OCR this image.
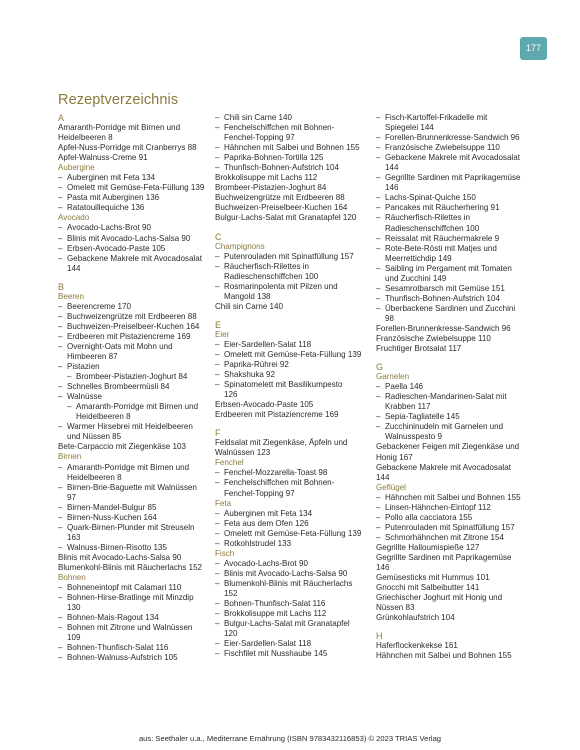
177
Rezeptverzeichnis
A
Amaranth-Porridge mit Birnen und
Heidelbeeren 8
Apfel-Nuss-Porridge mit Cranberrys 88
Apfel-Walnuss-Creme 91
Aubergine
– Auberginen mit Feta 134
– Omelett mit Gemüse-Feta-Füllung 139
– Pasta mit Auberginen 136
– Ratatouillequiche 136
Avocado
– Avocado-Lachs-Brot 90
– Blinis mit Avocado-Lachs-Salsa 90
– Erbsen-Avocado-Paste 105
– Gebackene Makrele mit Avocadosalat
144
B
Beeren
– Beerencreme 170
– Buchweizengrütze mit Erdbeeren 88
– Buchweizen-Preiselbeer-Kuchen 164
– Erdbeeren mit Pistaziencreme 169
– Overnight-Oats mit Mohn und
Himbeeren 87
– Pistazien
– Brombeer-Pistazien-Joghurt 84
– Schnelles Brombeermüsli 84
– Walnüsse
– Amaranth-Porridge mit Birnen und
Heidelbeeren 8
– Warmer Hirsebrei mit Heidelbeeren
und Nüssen 85
Bete-Carpaccio mit Ziegenkäse 103
Birnen
– Amaranth-Porridge mit Birnen und
Heidelbeeren 8
– Birnen-Brie-Baguette mit Walnüssen
97
– Birnen-Mandel-Bulgur 85
– Birnen-Nuss-Kuchen 164
– Quark-Birnen-Plunder mit Streuseln
163
– Walnuss-Birnen-Risotto 135
Blinis mit Avocado-Lachs-Salsa 90
Blumenkohl-Blinis mit Räucherlachs 152
Bohnen
– Bohneneintopf mit Calamari 110
– Bohnen-Hirse-Bratlinge mit Minzdip
130
– Bohnen-Mais-Ragout 134
– Bohnen mit Zitrone und Walnüssen
109
– Bohnen-Thunfisch-Salat 116
– Bohnen-Walnuss-Aufstrich 105
– Chili sin Carne 140
– Fenchelschiffchen mit Bohnen-
Fenchel-Topping 97
– Hähnchen mit Salbei und Bohnen 155
– Paprika-Bohnen-Tortilla 125
– Thunfisch-Bohnen-Aufstrich 104
Brokkolisuppe mit Lachs 112
Brombeer-Pistazien-Joghurt 84
Buchweizengrütze mit Erdbeeren 88
Buchweizen-Preiselbeer-Kuchen 164
Bulgur-Lachs-Salat mit Granatapfel 120
C
Champignons
– Putenrouladen mit Spinatfüllung 157
– Räucherfisch-Rilettes in
Radieschenschiffchen 100
– Rosmarinpolenta mit Pilzen und
Mangold 138
Chili sin Carne 140
E
Eier
– Eier-Sardellen-Salat 118
– Omelett mit Gemüse-Feta-Füllung 139
– Paprika-Rührei 92
– Shakshuka 92
– Spinatomelett mit Basilikumpesto
126
Erbsen-Avocado-Paste 105
Erdbeeren mit Pistaziencreme 169
F
Feldsalat mit Ziegenkäse, Äpfeln und
Walnüssen 123
Fenchel
– Fenchel-Mozzarella-Toast 98
– Fenchelschiffchen mit Bohnen-
Fenchel-Topping 97
Feta
– Auberginen mit Feta 134
– Feta aus dem Ofen 126
– Omelett mit Gemüse-Feta-Füllung 139
– Rotkohlstrudel 133
Fisch
– Avocado-Lachs-Brot 90
– Blinis mit Avocado-Lachs-Salsa 90
– Blumenkohl-Blinis mit Räucherlachs
152
– Bohnen-Thunfisch-Salat 116
– Brokkolisuppe mit Lachs 112
– Bulgur-Lachs-Salat mit Granatapfel
120
– Eier-Sardellen-Salat 118
– Fischfilet mit Nusshaube 145
– Fisch-Kartoffel-Frikadelle mit
Spiegelei 144
– Forellen-Brunnenkresse-Sandwich 96
– Französische Zwiebelsuppe 110
– Gebackene Makrele mit Avocadosalat
144
– Gegrillte Sardinen mit Paprikagemüse
146
– Lachs-Spinat-Quiche 150
– Pancakes mit Räucherhering 91
– Räucherfisch-Rilettes in
Radieschenschiffchen 100
– Reissalat mit Räuchermakrele 9
– Rote-Bete-Rösti mit Matjes und
Meerrettichdip 149
– Saibling im Pergament mit Tomaten
und Zucchini 149
– Sesamrotbarsch mit Gemüse 151
– Thunfisch-Bohnen-Aufstrich 104
– Überbackene Sardinen und Zucchini
98
Forellen-Brunnenkresse-Sandwich 96
Französische Zwiebelsuppe 110
Fruchtiger Brotsalat 117
G
Garnelen
– Paella 146
– Radieschen-Mandarinen-Salat mit
Krabben 117
– Sepia-Tagliatelle 145
– Zucchininudeln mit Garnelen und
Walnusspesto 9
Gebackener Feigen mit Ziegenkäse und
Honig 167
Gebackene Makrele mit Avocadosalat
144
Geflügel
– Hähnchen mit Salbei und Bohnen 155
– Linsen-Hähnchen-Eintopf 112
– Pollo alla cacciatora 155
– Putenrouladen mit Spinatfüllung 157
– Schmorhähnchen mit Zitrone 154
Gegrillte Halloumispieße 127
Gegrillte Sardinen mit Paprikagemüse
146
Gemüsesticks mit Hummus 101
Gnocchi mit Salbeibutter 141
Griechischer Joghurt mit Honig und
Nüssen 83
Grünkohlaufstrich 104
H
Haferflockenkekse 161
Hähnchen mit Salbei und Bohnen 155
aus: Seethaler u.a., Mediterrane Ernährung (ISBN 9783432116853) © 2023 TRIAS Verlag
